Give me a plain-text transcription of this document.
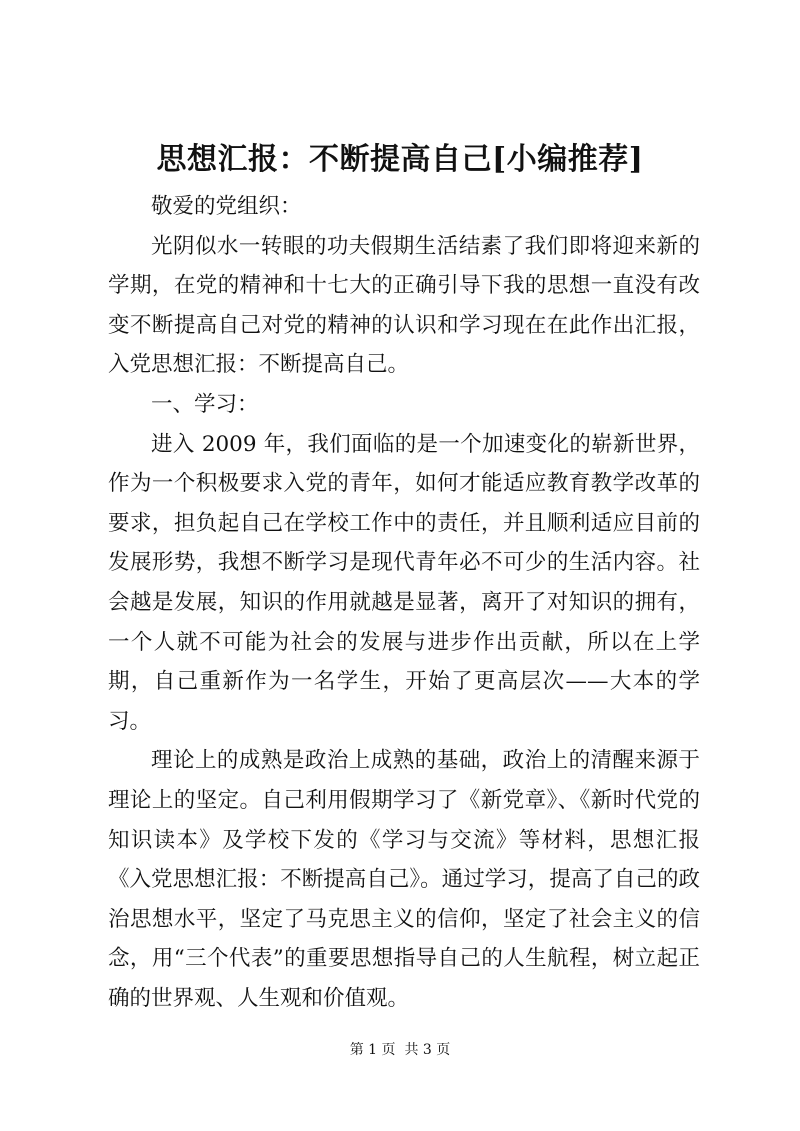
思想汇报：不断提高自己[小编推荐]

敬爱的党组织：

光阴似水一转眼的功夫假期生活结素了我们即将迎来新的学期，在党的精神和十七大的正确引导下我的思想一直没有改变不断提高自己对党的精神的认识和学习现在在此作出汇报，入党思想汇报：不断提高自己。

一、学习：

进入 2009 年，我们面临的是一个加速变化的崭新世界，作为一个积极要求入党的青年，如何才能适应教育教学改革的要求，担负起自己在学校工作中的责任，并且顺利适应目前的发展形势，我想不断学习是现代青年必不可少的生活内容。社会越是发展，知识的作用就越是显著，离开了对知识的拥有，一个人就不可能为社会的发展与进步作出贡献，所以在上学期，自己重新作为一名学生，开始了更高层次——大本的学习。

理论上的成熟是政治上成熟的基础，政治上的清醒来源于理论上的坚定。自己利用假期学习了《新党章》、《新时代党的知识读本》及学校下发的《学习与交流》等材料，思想汇报《入党思想汇报：不断提高自己》。通过学习，提高了自己的政治思想水平，坚定了马克思主义的信仰，坚定了社会主义的信念，用“三个代表”的重要思想指导自己的人生航程，树立起正确的世界观、人生观和价值观。

第 1 页  共 3 页
